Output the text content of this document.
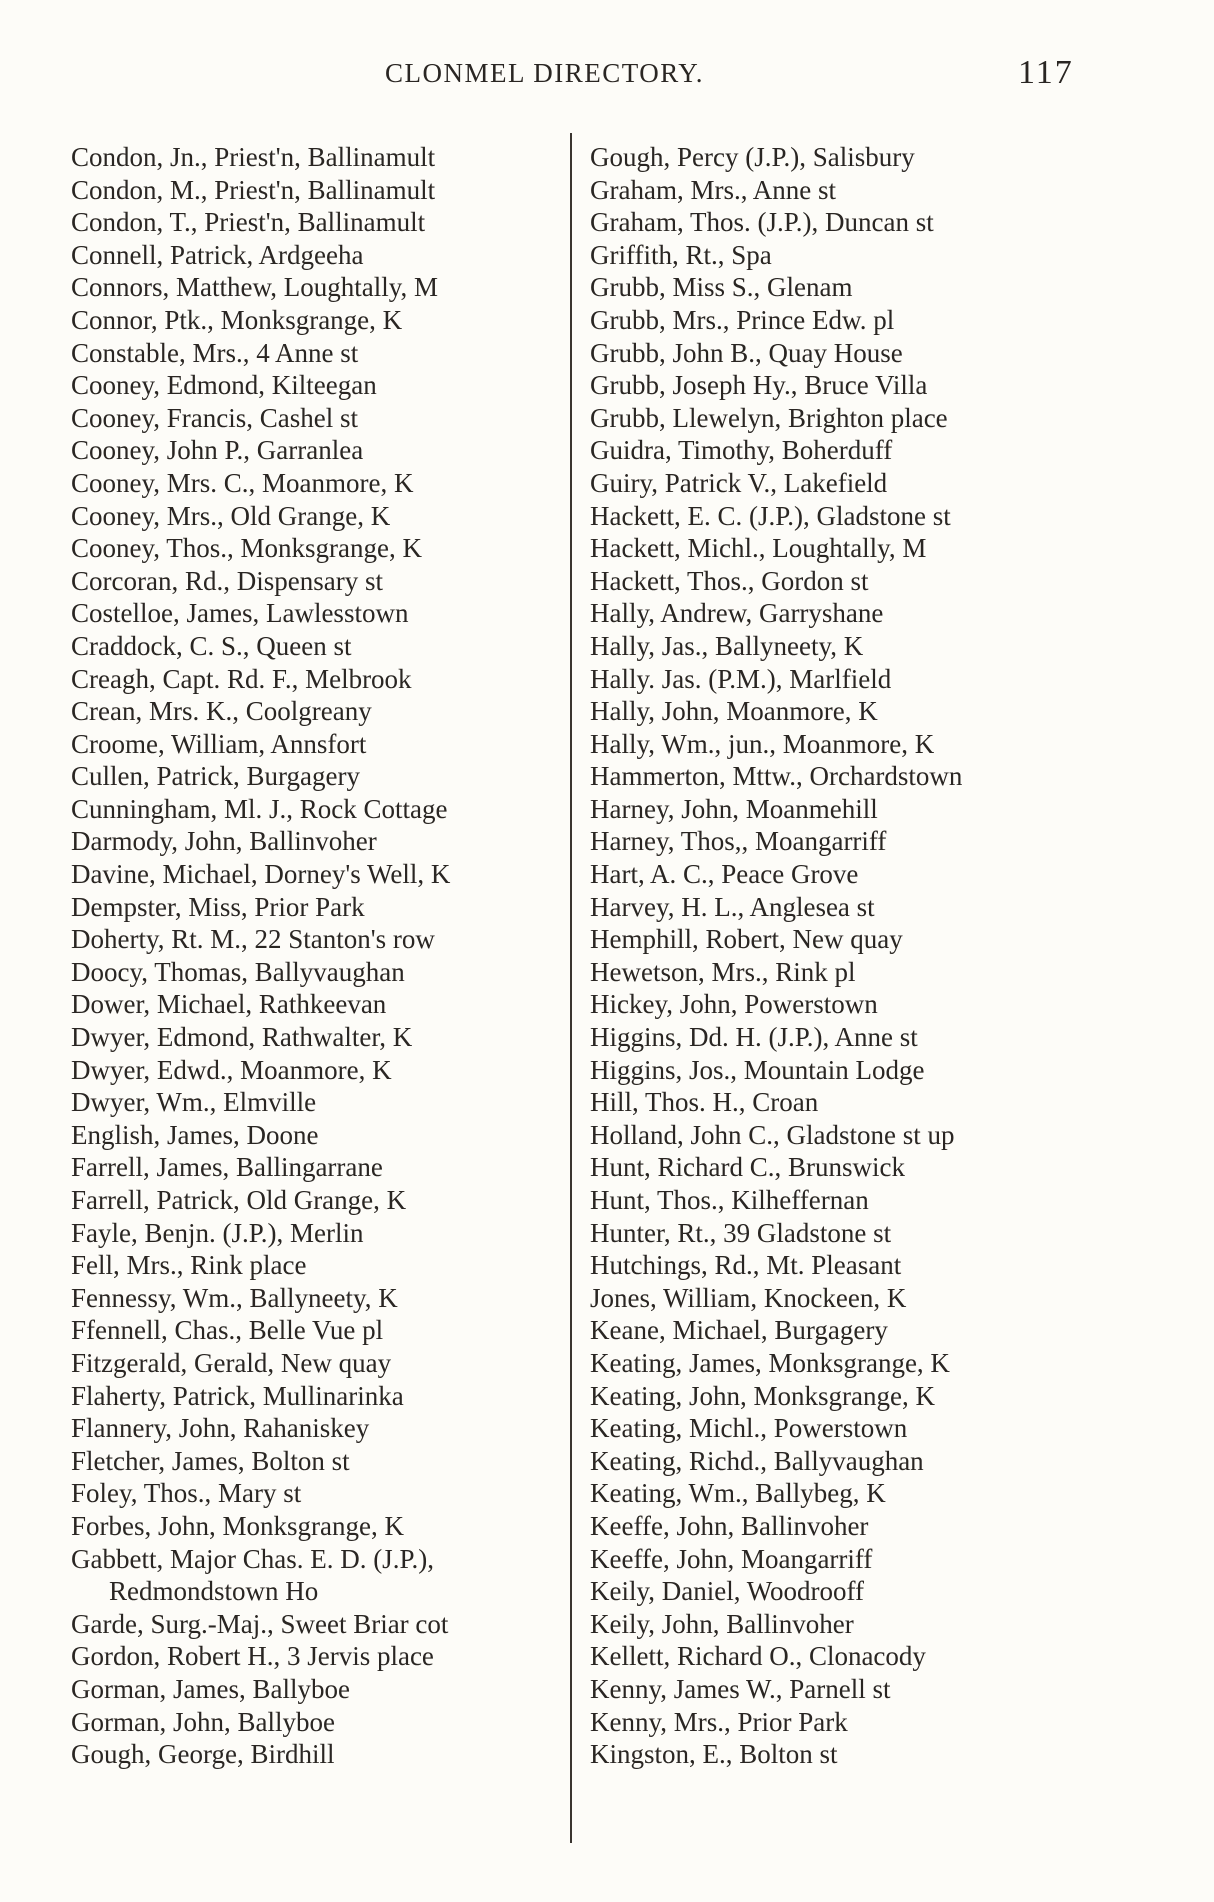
CLONMEL DIRECTORY.	117
Condon, Jn., Priest'n, Ballinamult
Condon, M., Priest'n, Ballinamult
Condon, T., Priest'n, Ballinamult
Connell, Patrick, Ardgeeha
Connors, Matthew, Loughtally, M
Connor, Ptk., Monksgrange, K
Constable, Mrs., 4 Anne st
Cooney, Edmond, Kilteegan
Cooney, Francis, Cashel st
Cooney, John P., Garranlea
Cooney, Mrs. C., Moanmore, K
Cooney, Mrs., Old Grange, K
Cooney, Thos., Monksgrange, K
Corcoran, Rd., Dispensary st
Costelloe, James, Lawlesstown
Craddock, C. S., Queen st
Creagh, Capt. Rd. F., Melbrook
Crean, Mrs. K., Coolgreany
Croome, William, Annsfort
Cullen, Patrick, Burgagery
Cunningham, Ml. J., Rock Cottage
Darmody, John, Ballinvoher
Davine, Michael, Dorney's Well, K
Dempster, Miss, Prior Park
Doherty, Rt. M., 22 Stanton's row
Doocy, Thomas, Ballyvaughan
Dower, Michael, Rathkeevan
Dwyer, Edmond, Rathwalter, K
Dwyer, Edwd., Moanmore, K
Dwyer, Wm., Elmville
English, James, Doone
Farrell, James, Ballingarrane
Farrell, Patrick, Old Grange, K
Fayle, Benjn. (J.P.), Merlin
Fell, Mrs., Rink place
Fennessy, Wm., Ballyneety, K
Ffennell, Chas., Belle Vue pl
Fitzgerald, Gerald, New quay
Flaherty, Patrick, Mullinarinka
Flannery, John, Rahaniskey
Fletcher, James, Bolton st
Foley, Thos., Mary st
Forbes, John, Monksgrange, K
Gabbett, Major Chas. E. D. (J.P.),
Redmondstown Ho
Garde, Surg.-Maj., Sweet Briar cot
Gordon, Robert H., 3 Jervis place
Gorman, James, Ballyboe
Gorman, John, Ballyboe
Gough, George, Birdhill
Gough, Percy (J.P.), Salisbury
Graham, Mrs., Anne st
Graham, Thos. (J.P.), Duncan st
Griffith, Rt., Spa
Grubb, Miss S., Glenam
Grubb, Mrs., Prince Edw. pl
Grubb, John B., Quay House
Grubb, Joseph Hy., Bruce Villa
Grubb, Llewelyn, Brighton place
Guidra, Timothy, Boherduff
Guiry, Patrick V., Lakefield
Hackett, E. C. (J.P.), Gladstone st
Hackett, Michl., Loughtally, M
Hackett, Thos., Gordon st
Hally, Andrew, Garryshane
Hally, Jas., Ballyneety, K
Hally. Jas. (P.M.), Marlfield
Hally, John, Moanmore, K
Hally, Wm., jun., Moanmore, K
Hammerton, Mttw., Orchardstown
Harney, John, Moanmehill
Harney, Thos,, Moangarriff
Hart, A. C., Peace Grove
Harvey, H. L., Anglesea st
Hemphill, Robert, New quay
Hewetson, Mrs., Rink pl
Hickey, John, Powerstown
Higgins, Dd. H. (J.P.), Anne st
Higgins, Jos., Mountain Lodge
Hill, Thos. H., Croan
Holland, John C., Gladstone st up
Hunt, Richard C., Brunswick
Hunt, Thos., Kilheffernan
Hunter, Rt., 39 Gladstone st
Hutchings, Rd., Mt. Pleasant
Jones, William, Knockeen, K
Keane, Michael, Burgagery
Keating, James, Monksgrange, K
Keating, John, Monksgrange, K
Keating, Michl., Powerstown
Keating, Richd., Ballyvaughan
Keating, Wm., Ballybeg, K
Keeffe, John, Ballinvoher
Keeffe, John, Moangarriff
Keily, Daniel, Woodrooff
Keily, John, Ballinvoher
Kellett, Richard O., Clonacody
Kenny, James W., Parnell st
Kenny, Mrs., Prior Park
Kingston, E., Bolton st
